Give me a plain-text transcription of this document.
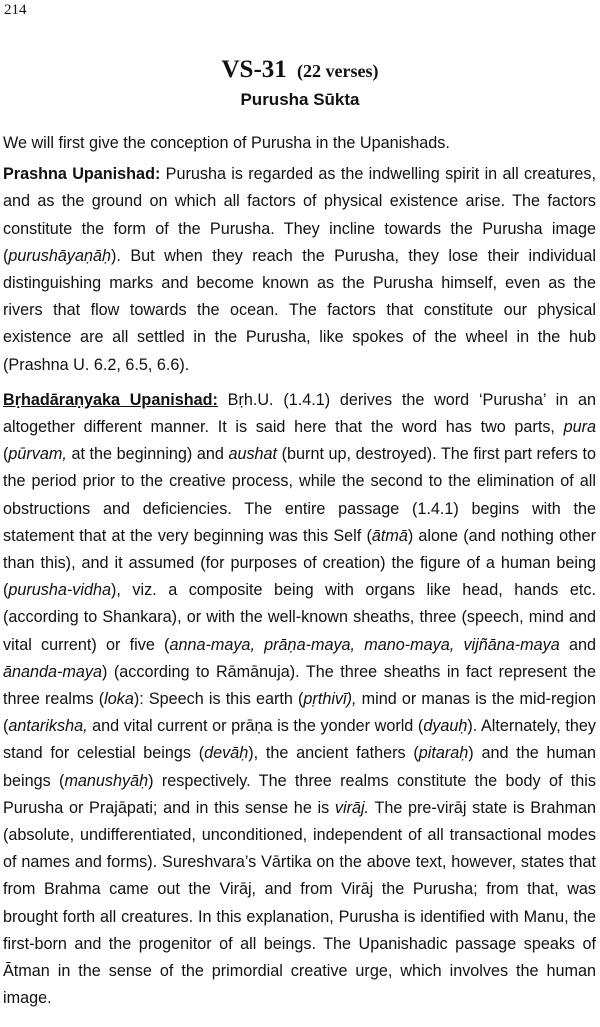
214
VS-31 (22 verses)
Purusha Sūkta

We will first give the conception of Purusha in the Upanishads.

Prashna Upanishad: Purusha is regarded as the indwelling spirit in all creatures, and as the ground on which all factors of physical existence arise. The factors constitute the form of the Purusha. They incline towards the Purusha image (purushāyaṇāḥ). But when they reach the Purusha, they lose their individual distinguishing marks and become known as the Purusha himself, even as the rivers that flow towards the ocean. The factors that constitute our physical existence are all settled in the Purusha, like spokes of the wheel in the hub (Prashna U. 6.2, 6.5, 6.6).

Bṛhadāraṇyaka Upanishad: Bṛh.U. (1.4.1) derives the word ‘Purusha’ in an altogether different manner. It is said here that the word has two parts, pura (pūrvam, at the beginning) and aushat (burnt up, destroyed). The first part refers to the period prior to the creative process, while the second to the elimination of all obstructions and deficiencies. The entire passage (1.4.1) begins with the statement that at the very beginning was this Self (ātmā) alone (and nothing other than this), and it assumed (for purposes of creation) the figure of a human being (purusha-vidha), viz. a composite being with organs like head, hands etc. (according to Shankara), or with the well-known sheaths, three (speech, mind and vital current) or five (anna-maya, prāṇa-maya, mano-maya, vijñāna-maya and ānanda-maya) (according to Rāmānuja). The three sheaths in fact represent the three realms (loka): Speech is this earth (pṛthivī), mind or manas is the mid-region (antariksha, and vital current or prāṇa is the yonder world (dyauḥ). Alternately, they stand for celestial beings (devāḥ), the ancient fathers (pitaraḥ) and the human beings (manushyāḥ) respectively. The three realms constitute the body of this Purusha or Prajāpati; and in this sense he is virāj. The pre-virāj state is Brahman (absolute, undifferentiated, unconditioned, independent of all transactional modes of names and forms). Sureshvara’s Vārtika on the above text, however, states that from Brahma came out the Virāj, and from Virāj the Purusha; from that, was brought forth all creatures. In this explanation, Purusha is identified with Manu, the first-born and the progenitor of all beings. The Upanishadic passage speaks of Ātman in the sense of the primordial creative urge, which involves the human image.
